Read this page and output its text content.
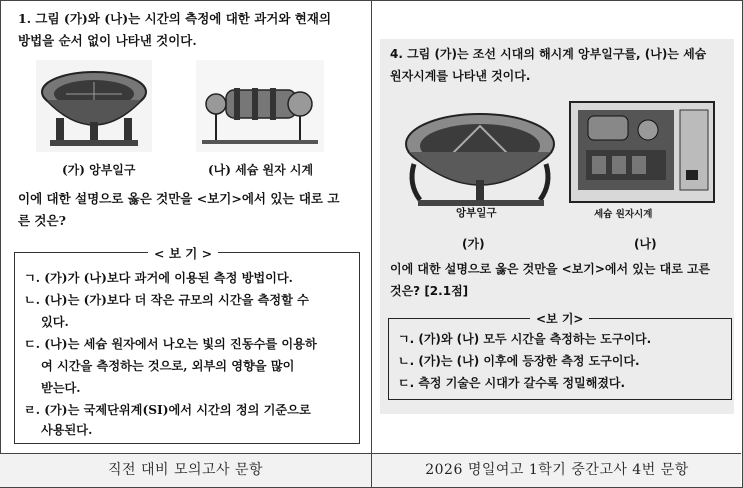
1. 그림 (가)와 (나)는 시간의 측정에 대한 과거와 현재의
방법을 순서 없이 나타낸 것이다.
(가) 앙부일구	(나) 세슘 원자 시계
이에 대한 설명으로 옳은 것만을 <보기>에서 있는 대로 고
른 것은?
< 보 기 >
ㄱ. (가)가 (나)보다 과거에 이용된 측정 방법이다.
ㄴ. (나)는 (가)보다 더 작은 규모의 시간을 측정할 수
있다.
ㄷ. (나)는 세슘 원자에서 나오는 빛의 진동수를 이용하
여 시간을 측정하는 것으로, 외부의 영향을 많이
받는다.
ㄹ. (가)는 국제단위계(SI)에서 시간의 정의 기준으로
사용된다.
4. 그림 (가)는 조선 시대의 해시계 앙부일구를, (나)는 세슘
원자시계를 나타낸 것이다.
앙부일구	세슘 원자시계
(가)	(나)
이에 대한 설명으로 옳은 것만을 <보기>에서 있는 대로 고른
것은? [2.1점]
<보 기>
ㄱ. (가)와 (나) 모두 시간을 측정하는 도구이다.
ㄴ. (가)는 (나) 이후에 등장한 측정 도구이다.
ㄷ. 측정 기술은 시대가 갈수록 정밀해졌다.
직전 대비 모의고사 문항	2026 명일여고 1학기 중간고사 4번 문항
